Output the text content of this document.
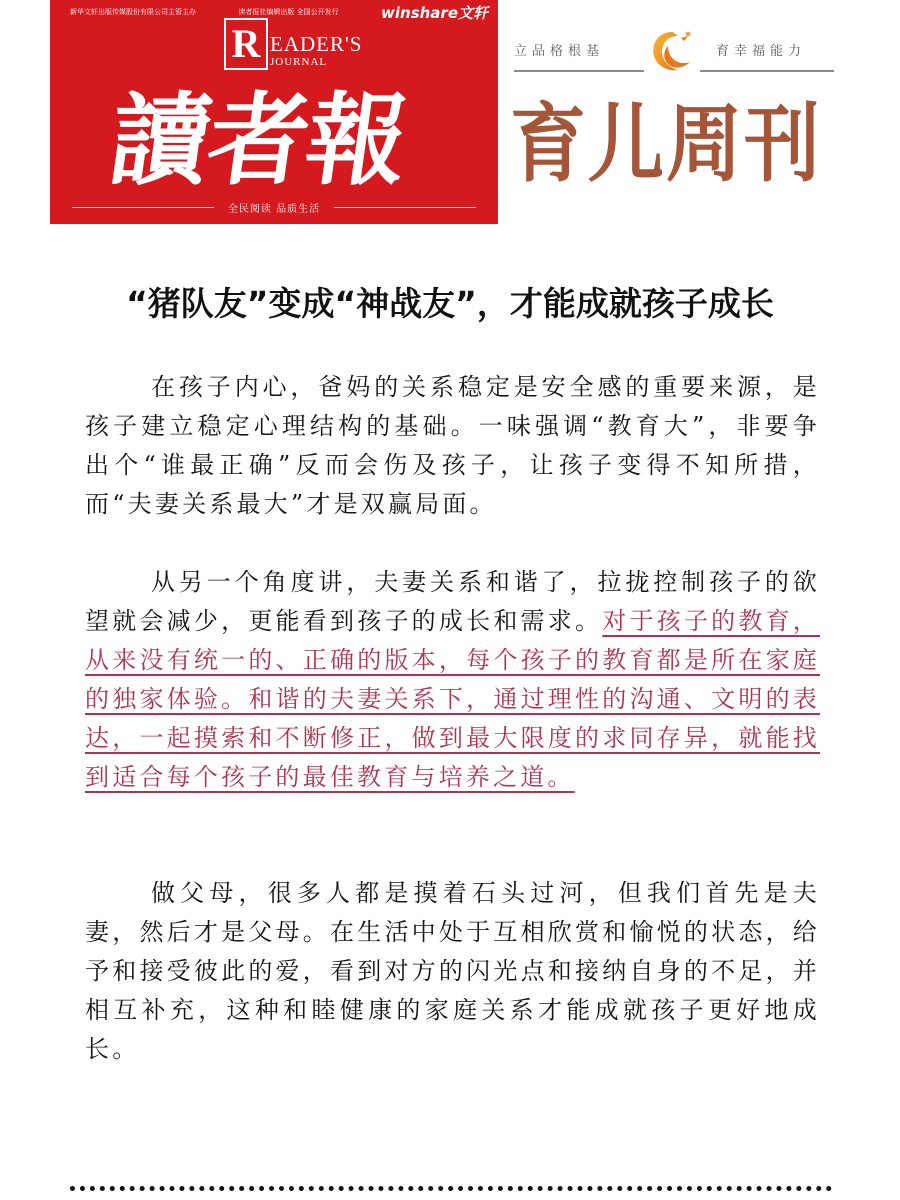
新华文轩出版传媒股份有限公司主管主办	读者报社编辑出版 全国公开发行	winshare文轩
R EADER'S
JOURNAL
讀者報
全民阅读 品质生活
立品格根基	育幸福能力
育儿周刊
“猪队友”变成“神战友”，才能成就孩子成长

在孩子内心，爸妈的关系稳定是安全感的重要来源，是孩子建立稳定心理结构的基础。一味强调“教育大”，非要争出个“谁最正确”反而会伤及孩子，让孩子变得不知所措，而“夫妻关系最大”才是双赢局面。

从另一个角度讲，夫妻关系和谐了，拉拢控制孩子的欲望就会减少，更能看到孩子的成长和需求。对于孩子的教育，从来没有统一的、正确的版本，每个孩子的教育都是所在家庭的独家体验。和谐的夫妻关系下，通过理性的沟通、文明的表达，一起摸索和不断修正，做到最大限度的求同存异，就能找到适合每个孩子的最佳教育与培养之道。

做父母，很多人都是摸着石头过河，但我们首先是夫妻，然后才是父母。在生活中处于互相欣赏和愉悦的状态，给予和接受彼此的爱，看到对方的闪光点和接纳自身的不足，并相互补充，这种和睦健康的家庭关系才能成就孩子更好地成长。
